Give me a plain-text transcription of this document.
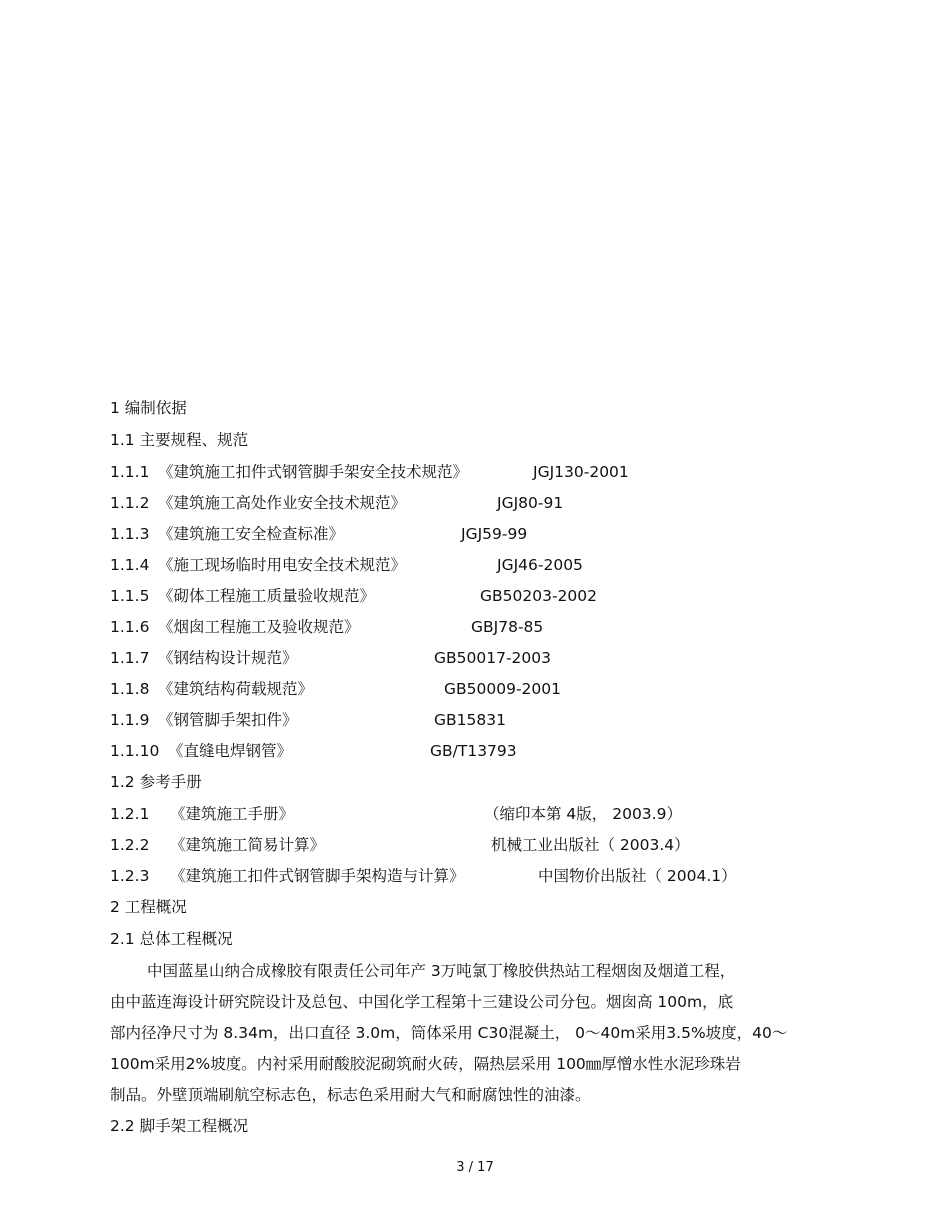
1 编制依据
1.1 主要规程、规范
1.1.1 《建筑施工扣件式钢管脚手架安全技术规范》	JGJ130-2001
1.1.2 《建筑施工高处作业安全技术规范》	JGJ80-91
1.1.3 《建筑施工安全检查标准》	JGJ59-99
1.1.4 《施工现场临时用电安全技术规范》	JGJ46-2005
1.1.5 《砌体工程施工质量验收规范》	GB50203-2002
1.1.6 《烟囱工程施工及验收规范》	GBJ78-85
1.1.7 《钢结构设计规范》	GB50017-2003
1.1.8 《建筑结构荷载规范》	GB50009-2001
1.1.9 《钢管脚手架扣件》	GB15831
1.1.10 《直缝电焊钢管》	GB/T13793
1.2 参考手册
1.2.1 《建筑施工手册》	（缩印本第 4版， 2003.9）
1.2.2 《建筑施工简易计算》	机械工业出版社（ 2003.4）
1.2.3 《建筑施工扣件式钢管脚手架构造与计算》	中国物价出版社（ 2004.1）
2 工程概况
2.1 总体工程概况
中国蓝星山纳合成橡胶有限责任公司年产 3万吨氯丁橡胶供热站工程烟囱及烟道工程，
由中蓝连海设计研究院设计及总包、中国化学工程第十三建设公司分包。烟囱高 100m，底
部内径净尺寸为 8.34m，出口直径 3.0m，筒体采用 C30混凝土， 0～40m采用3.5%坡度，40～
100m采用2%坡度。内衬采用耐酸胶泥砌筑耐火砖，隔热层采用 100㎜厚憎水性水泥珍珠岩
制品。外壁顶端刷航空标志色，标志色采用耐大气和耐腐蚀性的油漆。
2.2 脚手架工程概况
3 / 17
